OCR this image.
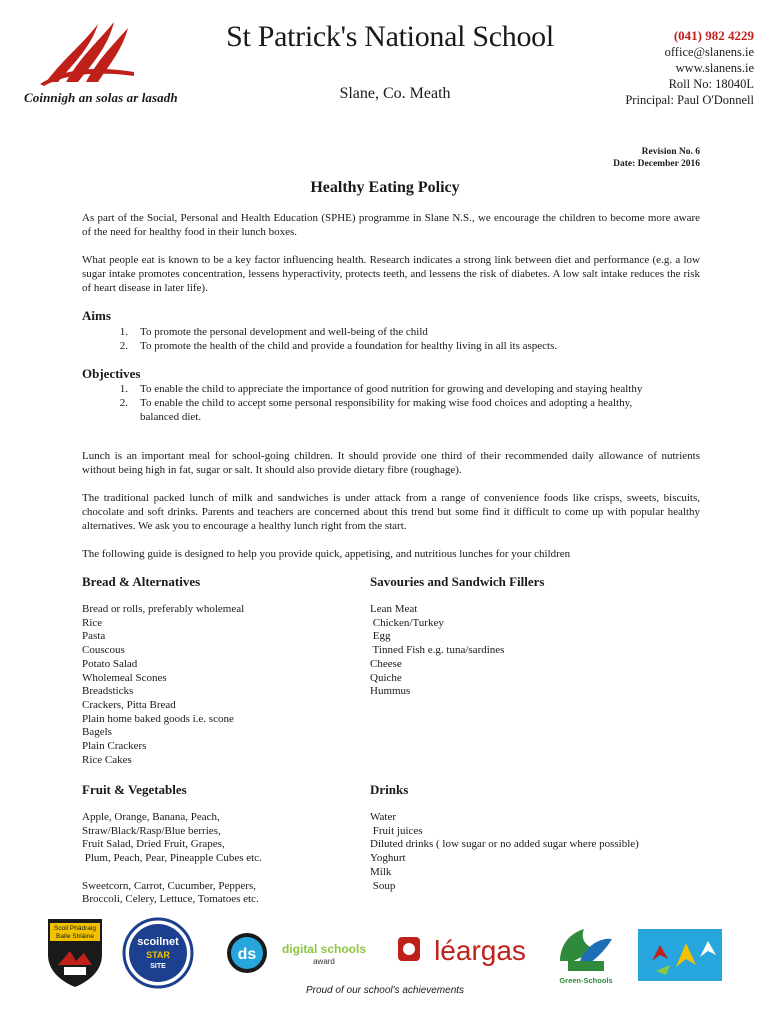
Coinnigh an solas ar lasadh
St Patrick's National School
Slane, Co. Meath
(041) 982 4229
office@slanens.ie
www.slanens.ie
Roll No: 18040L
Principal: Paul O'Donnell
Revision No. 6
Date: December 2016
Healthy Eating Policy
As part of the Social, Personal and Health Education (SPHE) programme in Slane N.S., we encourage the children to become more aware of the need for healthy food in their lunch boxes.
What people eat is known to be a key factor influencing health. Research indicates a strong link between diet and performance (e.g. a low sugar intake promotes concentration, lessens hyperactivity, protects teeth, and lessens the risk of diabetes. A low salt intake reduces the risk of heart disease in later life).
Aims
1.	To promote the personal development and well-being of the child
2.	To promote the health of the child and provide a foundation for healthy living in all its aspects.
Objectives
1.	To enable the child to appreciate the importance of good nutrition for growing and developing and staying healthy
2.	To enable the child to accept some personal responsibility for making wise food choices and adopting a healthy, balanced diet.
Lunch is an important meal for school-going children. It should provide one third of their recommended daily allowance of nutrients without being high in fat, sugar or salt. It should also provide dietary fibre (roughage).
The traditional packed lunch of milk and sandwiches is under attack from a range of convenience foods like crisps, sweets, biscuits, chocolate and soft drinks. Parents and teachers are concerned about this trend but some find it difficult to come up with popular healthy alternatives. We ask you to encourage a healthy lunch right from the start.
The following guide is designed to help you provide quick, appetising, and nutritious lunches for your children
Bread & Alternatives
Bread or rolls, preferably wholemeal
Rice
Pasta
Couscous
Potato Salad
Wholemeal Scones
Breadsticks
Crackers, Pitta Bread
Plain home baked goods i.e. scone
Bagels
Plain Crackers
Rice Cakes
Savouries and Sandwich Fillers
Lean Meat
Chicken/Turkey
Egg
Tinned Fish e.g. tuna/sardines
Cheese
Quiche
Hummus
Fruit & Vegetables
Apple, Orange, Banana, Peach,
Straw/Black/Rasp/Blue berries,
Fruit Salad, Dried Fruit, Grapes,
Plum, Peach, Pear, Pineapple Cubes etc.

Sweetcorn, Carrot, Cucumber, Peppers,
Broccoli, Celery, Lettuce, Tomatoes etc.
Drinks
Water
Fruit juices
Diluted drinks ( low sugar or no added sugar where possible)
Yoghurt
Milk
Soup
Scoil Phádraig
Baile Shláine	scoilnet
STAR
SITE
ds digital schools
award	léargas
Green-Schools
Proud of our school's achievements
